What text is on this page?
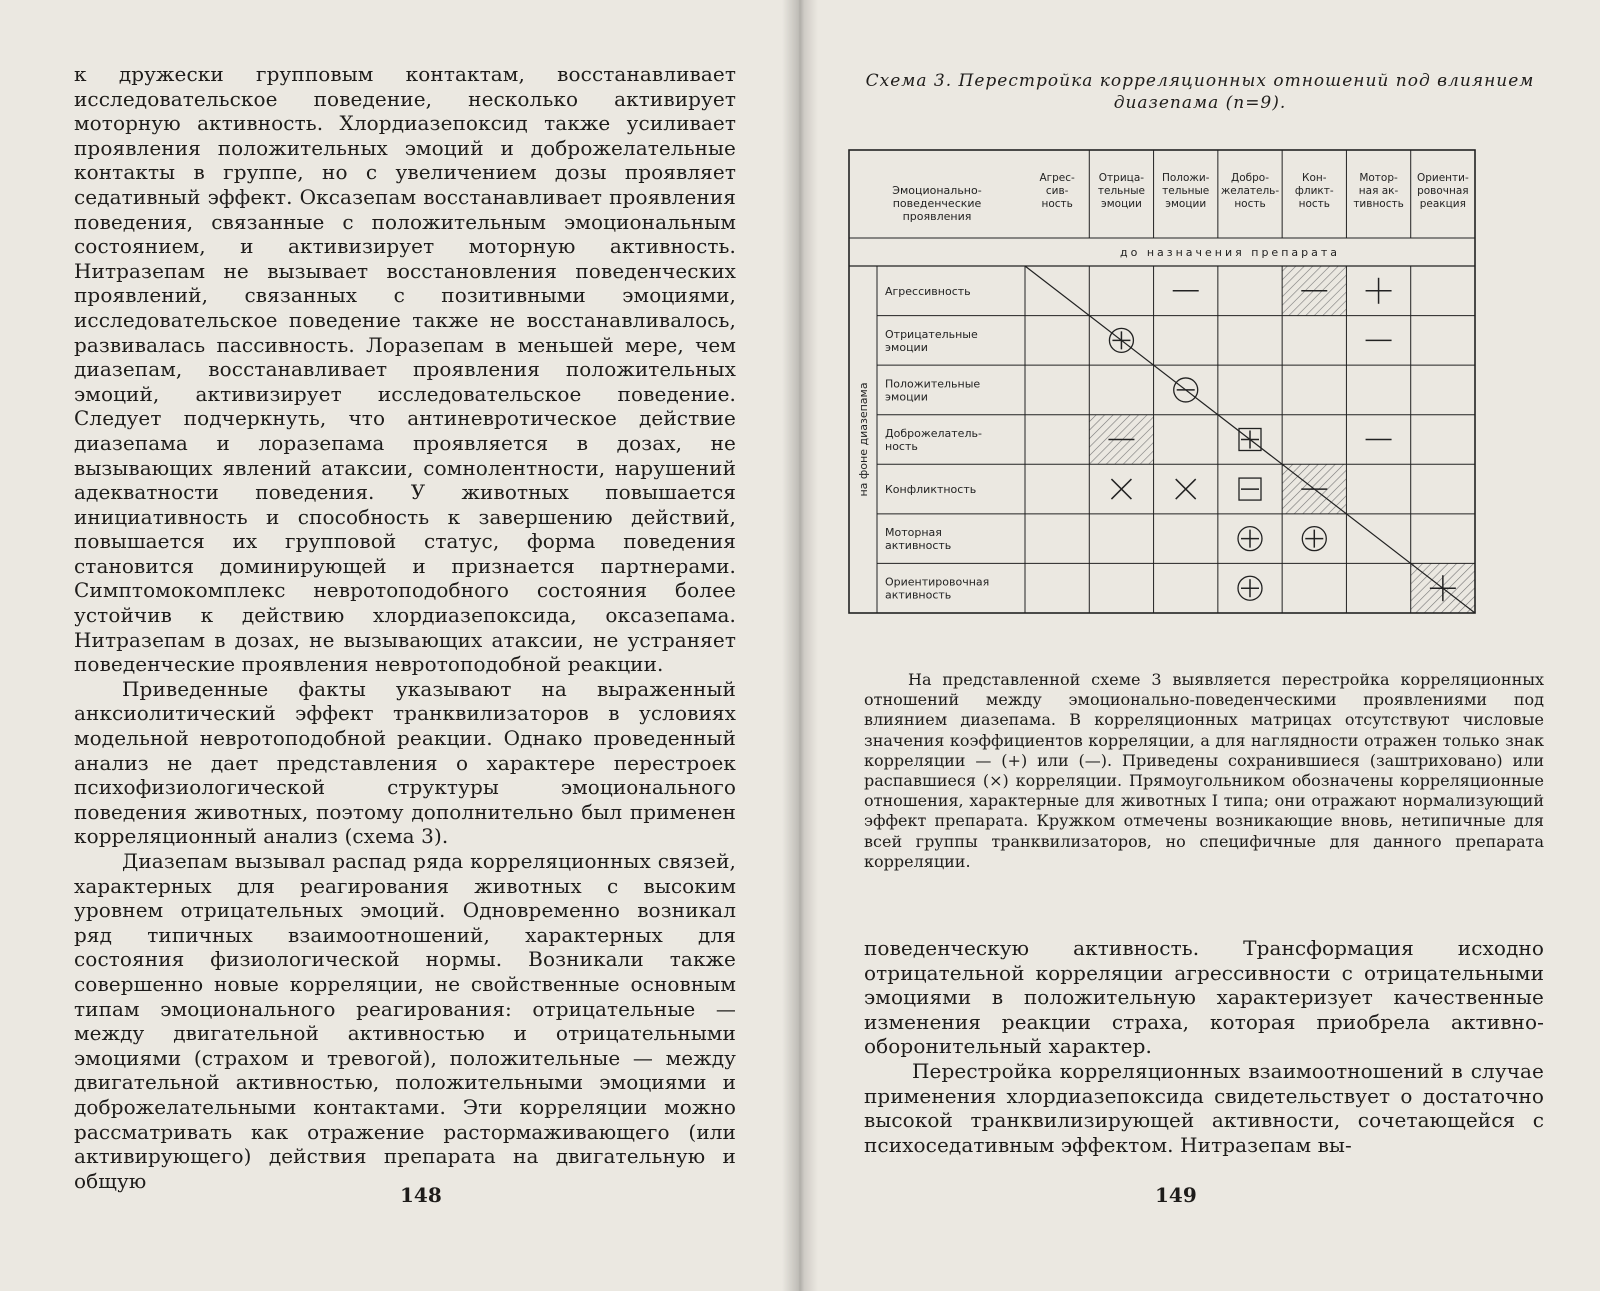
к дружески групповым контактам, восстанавливает исследовательское поведение, несколько активирует моторную активность. Хлордиазепоксид также усиливает проявления положительных эмоций и доброжелательные контакты в группе, но с увеличением дозы проявляет седативный эффект. Оксазепам восстанавливает проявления поведения, связанные с положительным эмоциональным состоянием, и активизирует моторную активность. Нитразепам не вызывает восстановления поведенческих проявлений, связанных с позитивными эмоциями, исследовательское поведение также не восстанавливалось, развивалась пассивность. Лоразепам в меньшей мере, чем диазепам, восстанавливает проявления положительных эмоций, активизирует исследовательское поведение. Следует подчеркнуть, что антиневротическое действие диазепама и лоразепама проявляется в дозах, не вызывающих явлений атаксии, сомнолентности, нарушений адекватности поведения. У животных повышается инициативность и способность к завершению действий, повышается их групповой статус, форма поведения становится доминирующей и признается партнерами. Симптомокомплекс невротоподобного состояния более устойчив к действию хлордиазепоксида, оксазепама. Нитразепам в дозах, не вызывающих атаксии, не устраняет поведенческие проявления невротоподобной реакции.

Приведенные факты указывают на выраженный анксиолитический эффект транквилизаторов в условиях модельной невротоподобной реакции. Однако проведенный анализ не дает представления о характере перестроек психофизиологической структуры эмоционального поведения животных, поэтому дополнительно был применен корреляционный анализ (схема 3).

Диазепам вызывал распад ряда корреляционных связей, характерных для реагирования животных с высоким уровнем отрицательных эмоций. Одновременно возникал ряд типичных взаимоотношений, характерных для состояния физиологической нормы. Возникали также совершенно новые корреляции, не свойственные основным типам эмоционального реагирования: отрицательные — между двигательной активностью и отрицательными эмоциями (страхом и тревогой), положительные — между двигательной активностью, положительными эмоциями и доброжелательными контактами. Эти корреляции можно рассматривать как отражение растормаживающего (или активирующего) действия препарата на двигательную и общую

148
Схема 3. Перестройка корреляционных отношений под влиянием диазепама (n=9).
Эмоционально-
поведенческие
проявления
Агрес-
сив-
ность
Отрица-
тельные
эмоции
Положи-
тельные
эмоции
Добро-
желатель-
ность
Кон-
фликт-
ность
Мотор-
ная ак-
тивность
Ориенти-
ровочная
реакция
до назначения препарата
на фоне диазепама
Агрессивность
Отрицательные
эмоции
Положительные
эмоции
Доброжелатель-
ность
Конфликтность
Моторная
активность
Ориентировочная
активность

На представленной схеме 3 выявляется перестройка корреляционных отношений между эмоционально-поведенческими проявлениями под влиянием диазепама. В корреляционных матрицах отсутствуют числовые значения коэффициентов корреляции, а для наглядности отражен только знак корреляции — (+) или (—). Приведены сохранившиеся (заштриховано) или распавшиеся (×) корреляции. Прямоугольником обозначены корреляционные отношения, характерные для животных I типа; они отражают нормализующий эффект препарата. Кружком отмечены возникающие вновь, нетипичные для всей группы транквилизаторов, но специфичные для данного препарата корреляции.

поведенческую активность. Трансформация исходно отрицательной корреляции агрессивности с отрицательными эмоциями в положительную характеризует качественные изменения реакции страха, которая приобрела активно-оборонительный характер.

Перестройка корреляционных взаимоотношений в случае применения хлордиазепоксида свидетельствует о достаточно высокой транквилизирующей активности, сочетающейся с психоседативным эффектом. Нитразепам вы-

149
